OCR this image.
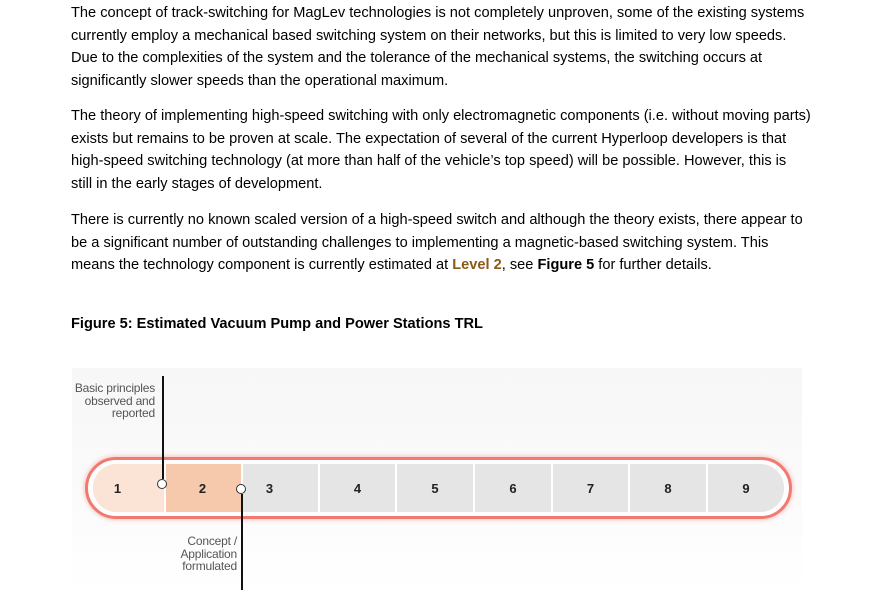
The concept of track-switching for MagLev technologies is not completely unproven, some of the existing systems currently employ a mechanical based switching system on their networks, but this is limited to very low speeds. Due to the complexities of the system and the tolerance of the mechanical systems, the switching occurs at significantly slower speeds than the operational maximum.

The theory of implementing high-speed switching with only electromagnetic components (i.e. without moving parts) exists but remains to be proven at scale. The expectation of several of the current Hyperloop developers is that high-speed switching technology (at more than half of the vehicle’s top speed) will be possible. However, this is still in the early stages of development.

There is currently no known scaled version of a high-speed switch and although the theory exists, there appear to be a significant number of outstanding challenges to implementing a magnetic-based switching system. This means the technology component is currently estimated at Level 2, see Figure 5 for further details.

Figure 5: Estimated Vacuum Pump and Power Stations TRL

Basic principles observed and reported
1	2	3	4	5	6	7	8	9
Concept / Application formulated
